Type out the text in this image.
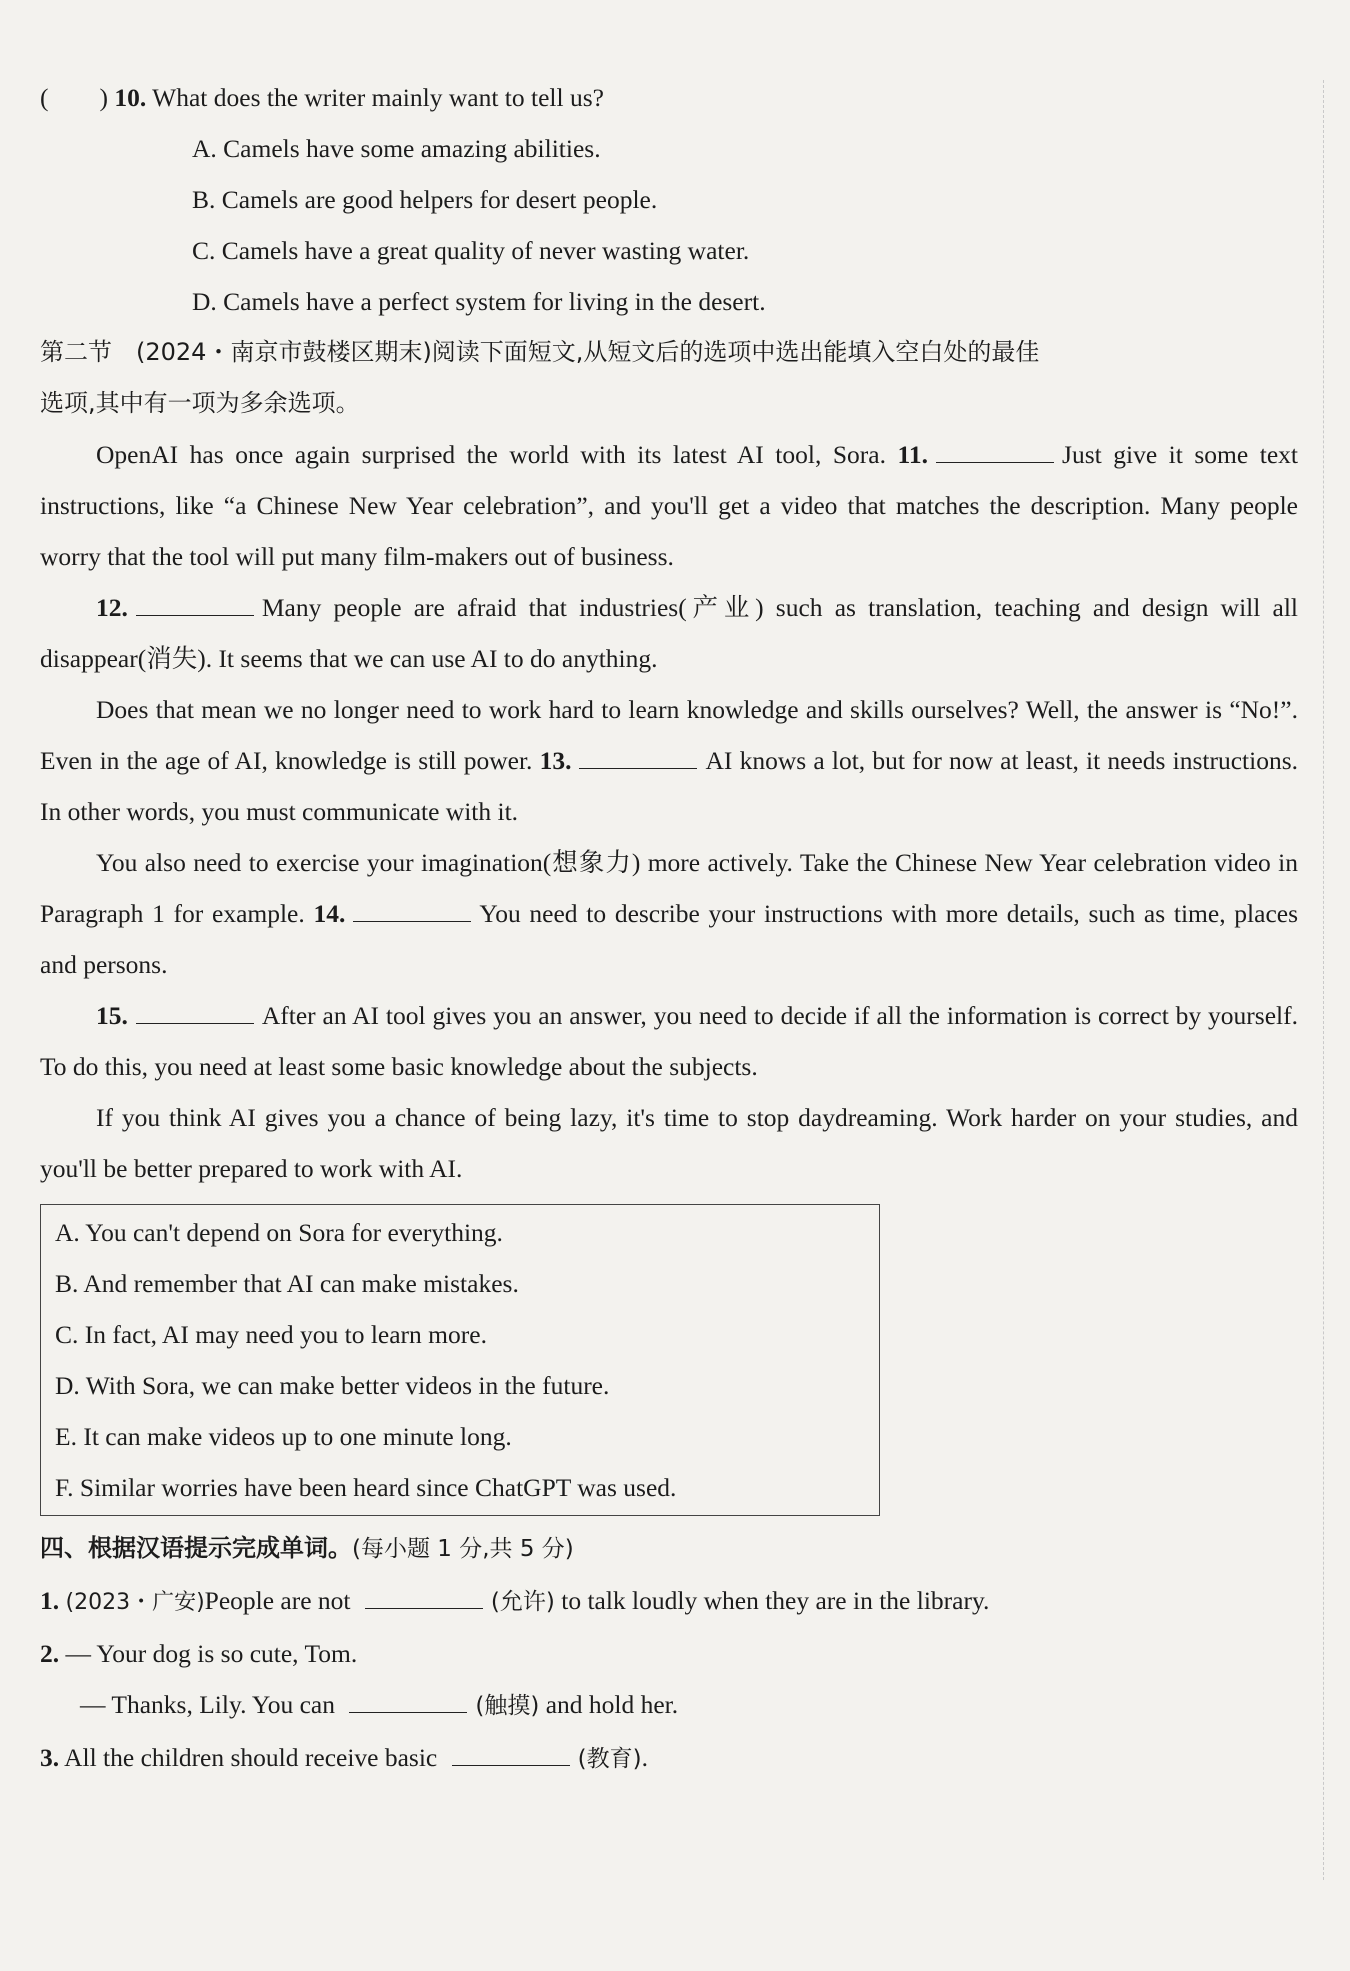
(　　) 10. What does the writer mainly want to tell us?
A. Camels have some amazing abilities.
B. Camels are good helpers for desert people.
C. Camels have a great quality of never wasting water.
D. Camels have a perfect system for living in the desert.
第二节　(2024・南京市鼓楼区期末)阅读下面短文,从短文后的选项中选出能填入空白处的最佳
选项,其中有一项为多余选项。
OpenAI has once again surprised the world with its latest AI tool, Sora. 11.	Just give it some text instructions, like “a Chinese New Year celebration”, and you'll get a video that matches the description. Many people worry that the tool will put many film-makers out of business.
12.	Many people are afraid that industries(产业) such as translation, teaching and design will all disappear(消失). It seems that we can use AI to do anything.
Does that mean we no longer need to work hard to learn knowledge and skills ourselves? Well, the answer is “No!”. Even in the age of AI, knowledge is still power. 13.	AI knows a lot, but for now at least, it needs instructions. In other words, you must communicate with it.
You also need to exercise your imagination(想象力) more actively. Take the Chinese New Year celebration video in Paragraph 1 for example. 14.	You need to describe your instructions with more details, such as time, places and persons.
15.	After an AI tool gives you an answer, you need to decide if all the information is correct by yourself. To do this, you need at least some basic knowledge about the subjects.
If you think AI gives you a chance of being lazy, it's time to stop daydreaming. Work harder on your studies, and you'll be better prepared to work with AI.
A. You can't depend on Sora for everything.
B. And remember that AI can make mistakes.
C. In fact, AI may need you to learn more.
D. With Sora, we can make better videos in the future.
E. It can make videos up to one minute long.
F. Similar worries have been heard since ChatGPT was used.
四、根据汉语提示完成单词。(每小题 1 分,共 5 分)
1. (2023・广安)People are not	(允许) to talk loudly when they are in the library.
2. — Your dog is so cute, Tom.
— Thanks, Lily. You can	(触摸) and hold her.
3. All the children should receive basic	(教育).
